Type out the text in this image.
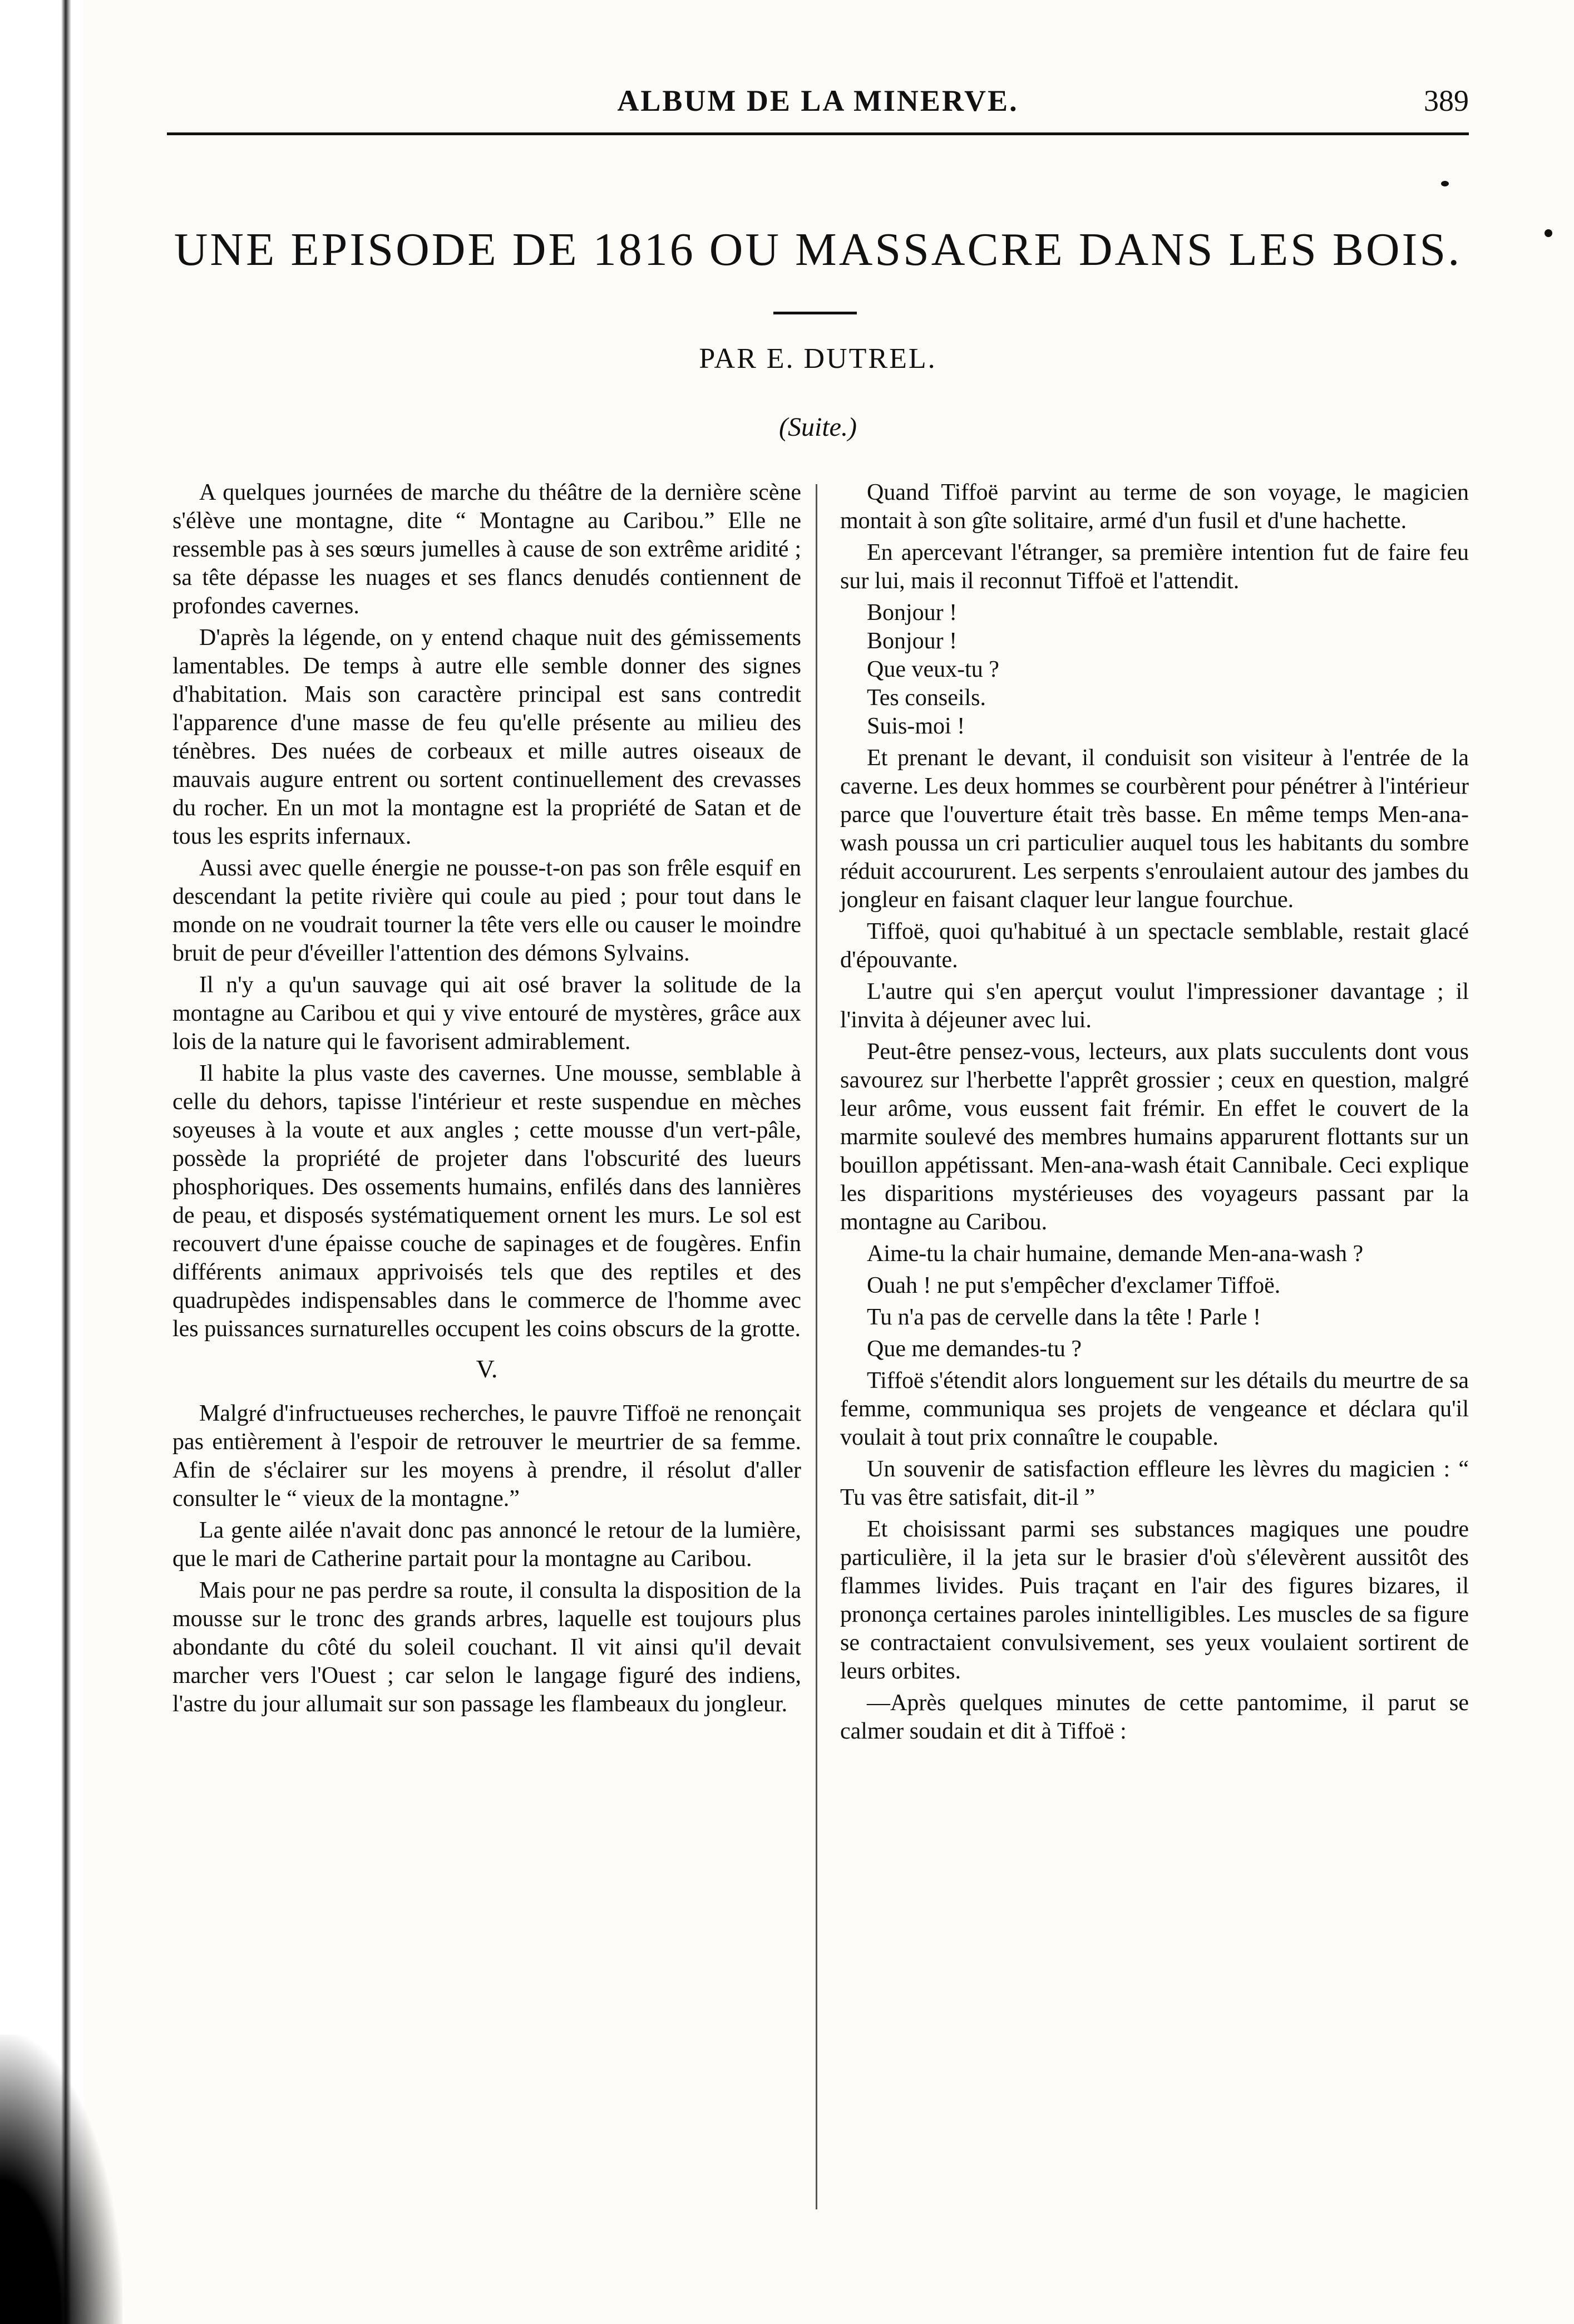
ALBUM DE LA MINERVE.	389
UNE EPISODE DE 1816 OU MASSACRE DANS LES BOIS.
PAR E. DUTREL.
(Suite.)

A quelques journées de marche du théâtre de la dernière scène s'élève une montagne, dite “ Montagne au Caribou.” Elle ne ressemble pas à ses sœurs jumelles à cause de son extrême aridité ; sa tête dépasse les nuages et ses flancs denudés contiennent de profondes cavernes.

D'après la légende, on y entend chaque nuit des gémissements lamentables. De temps à autre elle semble donner des signes d'habitation. Mais son caractère principal est sans contredit l'apparence d'une masse de feu qu'elle présente au milieu des ténèbres. Des nuées de corbeaux et mille autres oiseaux de mauvais augure entrent ou sortent continuellement des crevasses du rocher. En un mot la montagne est la propriété de Satan et de tous les esprits infernaux.

Aussi avec quelle énergie ne pousse-t-on pas son frêle esquif en descendant la petite rivière qui coule au pied ; pour tout dans le monde on ne voudrait tourner la tête vers elle ou causer le moindre bruit de peur d'éveiller l'attention des démons Sylvains.

Il n'y a qu'un sauvage qui ait osé braver la solitude de la montagne au Caribou et qui y vive entouré de mystères, grâce aux lois de la nature qui le favorisent admirablement.

Il habite la plus vaste des cavernes. Une mousse, semblable à celle du dehors, tapisse l'intérieur et reste suspendue en mèches soyeuses à la voute et aux angles ; cette mousse d'un vert-pâle, possède la propriété de projeter dans l'obscurité des lueurs phosphoriques. Des ossements humains, enfilés dans des lannières de peau, et disposés systématiquement ornent les murs. Le sol est recouvert d'une épaisse couche de sapinages et de fougères. Enfin différents animaux apprivoisés tels que des reptiles et des quadrupèdes indispensables dans le commerce de l'homme avec les puissances surnaturelles occupent les coins obscurs de la grotte.

V.

Malgré d'infructueuses recherches, le pauvre Tiffoë ne renonçait pas entièrement à l'espoir de retrouver le meurtrier de sa femme. Afin de s'éclairer sur les moyens à prendre, il résolut d'aller consulter le “ vieux de la montagne.”

La gente ailée n'avait donc pas annoncé le retour de la lumière, que le mari de Catherine partait pour la montagne au Caribou.

Mais pour ne pas perdre sa route, il consulta la disposition de la mousse sur le tronc des grands arbres, laquelle est toujours plus abondante du côté du soleil couchant. Il vit ainsi qu'il devait marcher vers l'Ouest ; car selon le langage figuré des indiens, l'astre du jour allumait sur son passage les flambeaux du jongleur.

Quand Tiffoë parvint au terme de son voyage, le magicien montait à son gîte solitaire, armé d'un fusil et d'une hachette.

En apercevant l'étranger, sa première intention fut de faire feu sur lui, mais il reconnut Tiffoë et l'attendit.

Bonjour !

Bonjour !

Que veux-tu ?

Tes conseils.

Suis-moi !

Et prenant le devant, il conduisit son visiteur à l'entrée de la caverne. Les deux hommes se courbèrent pour pénétrer à l'intérieur parce que l'ouverture était très basse. En même temps Men-ana-wash poussa un cri particulier auquel tous les habitants du sombre réduit accoururent. Les serpents s'enroulaient autour des jambes du jongleur en faisant claquer leur langue fourchue.

Tiffoë, quoi qu'habitué à un spectacle semblable, restait glacé d'épouvante.

L'autre qui s'en aperçut voulut l'impressioner davantage ; il l'invita à déjeuner avec lui.

Peut-être pensez-vous, lecteurs, aux plats succulents dont vous savourez sur l'herbette l'apprêt grossier ; ceux en question, malgré leur arôme, vous eussent fait frémir. En effet le couvert de la marmite soulevé des membres humains apparurent flottants sur un bouillon appétissant. Men-ana-wash était Cannibale. Ceci explique les disparitions mystérieuses des voyageurs passant par la montagne au Caribou.

Aime-tu la chair humaine, demande Men-ana-wash ?

Ouah ! ne put s'empêcher d'exclamer Tiffoë.

Tu n'a pas de cervelle dans la tête ! Parle !

Que me demandes-tu ?

Tiffoë s'étendit alors longuement sur les détails du meurtre de sa femme, communiqua ses projets de vengeance et déclara qu'il voulait à tout prix connaître le coupable.

Un souvenir de satisfaction effleure les lèvres du magicien : “ Tu vas être satisfait, dit-il ”

Et choisissant parmi ses substances magiques une poudre particulière, il la jeta sur le brasier d'où s'élevèrent aussitôt des flammes livides. Puis traçant en l'air des figures bizares, il prononça certaines paroles inintelligibles. Les muscles de sa figure se contractaient convulsivement, ses yeux voulaient sortirent de leurs orbites.

—Après quelques minutes de cette pantomime, il parut se calmer soudain et dit à Tiffoë :
